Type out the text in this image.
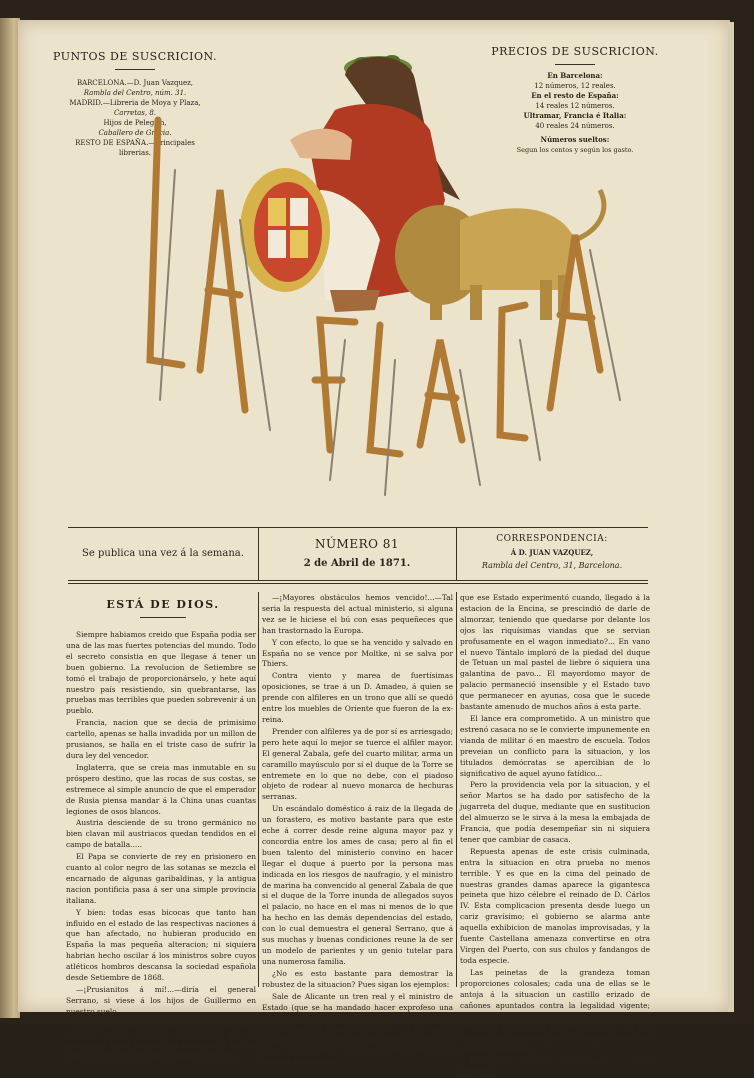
PUNTOS DE SUSCRICION.
BARCELONA.—D. Juan Vazquez,
Rambla del Centro, núm. 31.
MADRID.—Libreria de Moya y Plaza,
Carretas, 8.
Hijos de Pelegrin,
Caballero de Gracia.
RESTO DE ESPAÑA.—Principales
librerias.
PRECIOS DE SUSCRICION.
En Barcelona:
12 números, 12 reales.
En el resto de España:
14 reales 12 números.
Ultramar, Francia é Italia:
40 reales 24 números.
Números sueltos:
Segun los centos y según los gasto.
Se publica una vez á la semana.
NÚMERO 81
2 de Abril de 1871.
CORRESPONDENCIA:
Á D. JUAN VAZQUEZ,
Rambla del Centro, 31, Barcelona.
ESTÁ DE DIOS.

Siempre habiamos creido que España podia ser una de las mas fuertes potencias del mundo. Todo el secreto consistia en que llegase á tener un buen gobierno. La revolucion de Setiembre se tomó el trabajo de proporcionárselo, y hete aquí nuestro país resistiendo, sin quebrantarse, las pruebas mas terribles que pueden sobrevenir á un pueblo.

Francia, nacion que se decia de primisimo cartello, apenas se halla invadida por un millon de prusianos, se halla en el triste caso de sufrir la dura ley del vencedor.

Inglaterra, que se creia mas inmutable en su próspero destino, que las rocas de sus costas, se estremece al simple anuncio de que el emperador de Rusia piensa mandar á la China unas cuantas legiones de osos blancos.

Austria desciende de su trono germánico no bien clavan mil austriacos quedan tendidos en el campo de batalla.....

El Papa se convierte de rey en prisionero en cuanto al color negro de las sotanas se mezcla el encarnado de algunas garibaldinas, y la antigua nacion pontificia pasa á ser una simple provincia italiana.

Y bien: todas esas bicocas que tanto han influido en el estado de las respectivas naciones á que han afectado, no hubieran producido en España la mas pequeña alteracion; ni siquiera habrian hecho oscilar á los ministros sobre cuyos atléticos hombros descansa la sociedad española desde Setiembre de 1868.

—¡Prusianitos á mí!...—diría el general Serrano, si viese á los hijos de Guillermo en nuestro suelo.

—¡Conflictos internacionales á mí personilla!...—esclamaría D. Cristino si supiese que el presidente Grant pensase en atravesar la Isla de Cuba con los ejércitos de los Estados Unidos.

—¡Mayores obstáculos hemos vencido!...—Tal seria la respuesta del actual ministerio, si alguna vez se le hiciese el bú con esas pequeñeces que han trastornado la Europa.

Y con efecto, lo que se ha vencido y salvado en España no se vence por Moltke, ni se salva por Thiers.

Contra viento y marea de fuertísimas oposiciones, se trae á un D. Amadeo, á quien se prende con alfileres en un trono que allí se quedó entre los muebles de Oriente que fueron de la ex-reina.

Prender con alfileres ya de por sí es arriesgado; pero hete aquí lo mejor se tuerce el alfiler mayor. El general Zabala, gefe del cuarto militar, arma un caramillo mayúsculo por sí el duque de la Torre se entremete en lo que no debe, con el piadoso objeto de rodear al nuevo monarca de hechuras serranas.

Un escándalo doméstico á raiz de la llegada de un forastero, es motivo bastante para que este eche á correr desde reine alguna mayor paz y concordia entre los ames de casa; pero al fin el buen talento del ministerio convino en hacer llegar el duque á puerto por la persona mas indicada en los riesgos de naufragio, y el ministro de marina ha convencido al general Zabala de que si el duque de la Torre inunda de allegados suyos el palacio, no hace en el mas ni menos de lo que ha hecho en las demás dependencias del estado, con lo cual demuestra el general Serrano, que á sus muchas y buenas condiciones reune la de ser un modelo de parientes y un genio tutelar para una numerosa familia.

¿No es esto bastante para demostrar la robustez de la situacion? Pues sigan los ejemplos:

Sale de Alicante un tren real y el ministro de Estado (que se ha mandado hacer exprofeso una casaca nueva) es acomodado en un wagon, que no se precisamente ocupado por los reyes. Relegar el Estado á un coche de segundo orden, no debió de ser muy lisongero para el Sr. Martos; pero ¿cuál no seria la sacudida

que ese Estado experimentó cuando, llegado á la estacion de la Encina, se prescindió de darle de almorzar, teniendo que quedarse por delante los ojos las riquísimas viandas que se servian profusamente en el wagon inmediato?... En vano el nuevo Tántalo imploró de la piedad del duque de Tetuan un mal pastel de liebre ó siquiera una galantina de pavo... El mayordomo mayor de palacio permaneció insensible y el Estado tuvo que permanecer en ayunas, cosa que le sucede bastante amenudo de muchos años á esta parte.

El lance era comprometido. A un ministro que estrenó casaca no se le convierte impunemente en vianda de militar ó en maestro de escuela. Todos preveian un conflicto para la situacion, y los titulados demócratas se apercibian de lo significativo de aquel ayuno fatídico...

Pero la providencia vela por la situacion, y el señor Martos se ha dado por satisfecho de la jugarreta del duque, mediante que en sustitucion del almuerzo se le sirva á la mesa la embajada de Francia, que podía desempeñar sin ni siquiera tener que cambiar de casaca.

Repuesta apenas de este crisis culminada, entra la situacion en otra prueba no menos terrible. Y es que en la cima del peinado de nuestras grandes damas aparece la gigantesca peineta que hizo célebre el reinado de D. Cárlos IV. Esta complicacion presenta desde luego un cariz gravísimo; el gobierno se alarma ante aquella exhibicion de manolas improvisadas, y la fuente Castellana amenaza convertirse en otra Virgen del Puerto, con sus chulos y fandangos de toda especie.

Las peinetas de la grandeza toman proporciones colosales; cada una de ellas se le antoja á la situacion un castillo erizado de cañones apuntados contra la legalidad vigente; todo tiembla, todo amenaza desplomarse... A una señora no se la puede remitir á las Baleares por trámites de justicia, por el simple delito de anticuar su tocado...

El ministerio se declaró impotente para conjurar
